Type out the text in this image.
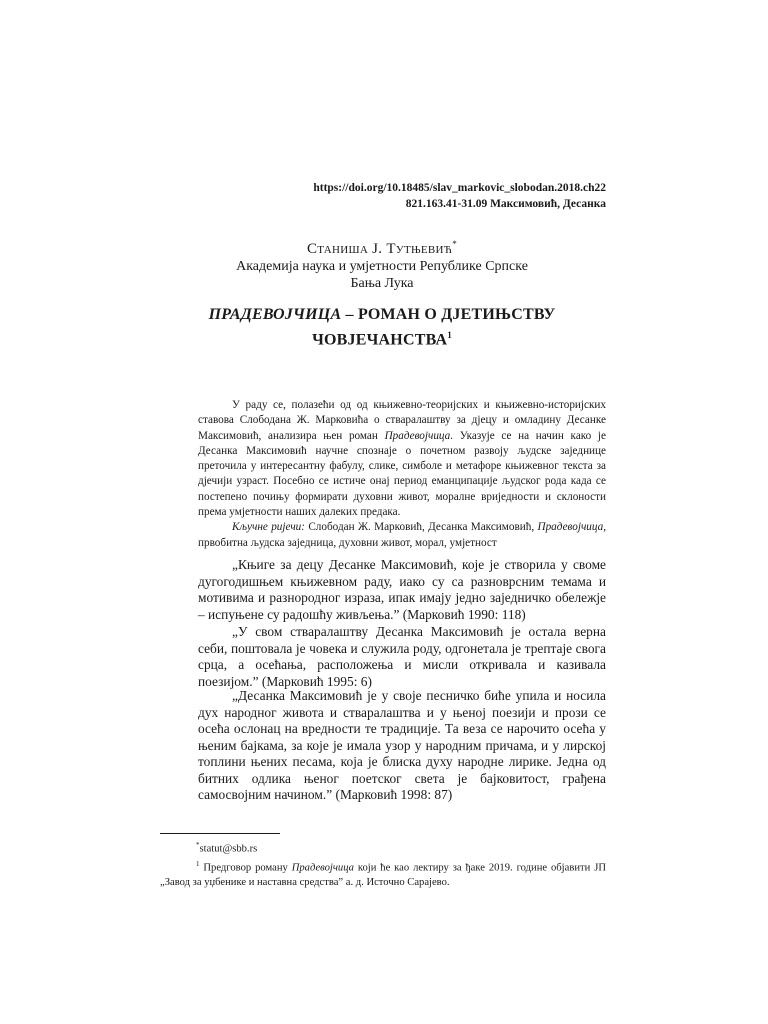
https://doi.org/10.18485/slav_markovic_slobodan.2018.ch22
821.163.41-31.09 Максимовић, Десанка
Станиша Ј. Тутњевић*
Академија наука и умјетности Републике Српске
Бања Лука
ПРАДЕВОЈЧИЦА – РОМАН О ДЈЕТИЊСТВУ
ЧОВЈЕЧАНСТВА$^1$

У раду се, полазећи од од књижевно-теоријских и књижевно-историјских ставова Слободана Ж. Марковића о стваралаштву за дјецу и омладину Десанке Максимовић, анализира њен роман Прадевојчица. Указује се на начин како је Десанка Максимовић научне спознаје о почетном развоју људске заједнице преточила у интересантну фабулу, слике, симболе и метафоре књижевног текста за дјечији узраст. Посебно се истиче онај период еманципације људског рода када се постепено почињу формирати духовни живот, моралне вриједности и склоности према умјетности наших далеких предака.

Кључне ријечи: Слободан Ж. Марковић, Десанка Максимовић, Прадевојчица, првобитна људска заједница, духовни живот, морал, умјетност

„Књиге за децу Десанке Максимовић, које је створила у своме дугогодишњем књижевном раду, иако су са разноврсним темама и мотивима и разнородног израза, ипак имају једно заједничко обележје – испуњене су радошћу живљења.” (Марковић 1990: 118)

„У свом стваралаштву Десанка Максимовић је остала верна себи, поштовала је човека и служила роду, одгонетала је трептаје свога срца, а осећања, расположења и мисли откривала и казивала поезијом.” (Марковић 1995: 6)

„Десанка Максимовић је у своје песничко биће упила и носила дух народног живота и стваралаштва и у њеној поезији и прози се осећа ослонац на вредности те традиције. Та веза се нарочито осећа у њеним бајкама, за које је имала узор у народним причама, и у лирској топлини њених песама, која је блиска духу народне лирике. Једна од битних одлика њеног поетског света је бајковитост, грађена самосвојним начином.” (Марковић 1998: 87)

*statut@sbb.rs

$^1$ Предговор роману Прадевојчица који ће као лектиру за ђаке 2019. године објавити ЈП „Завод за уџбенике и наставна средства” а. д. Источно Сарајево.
